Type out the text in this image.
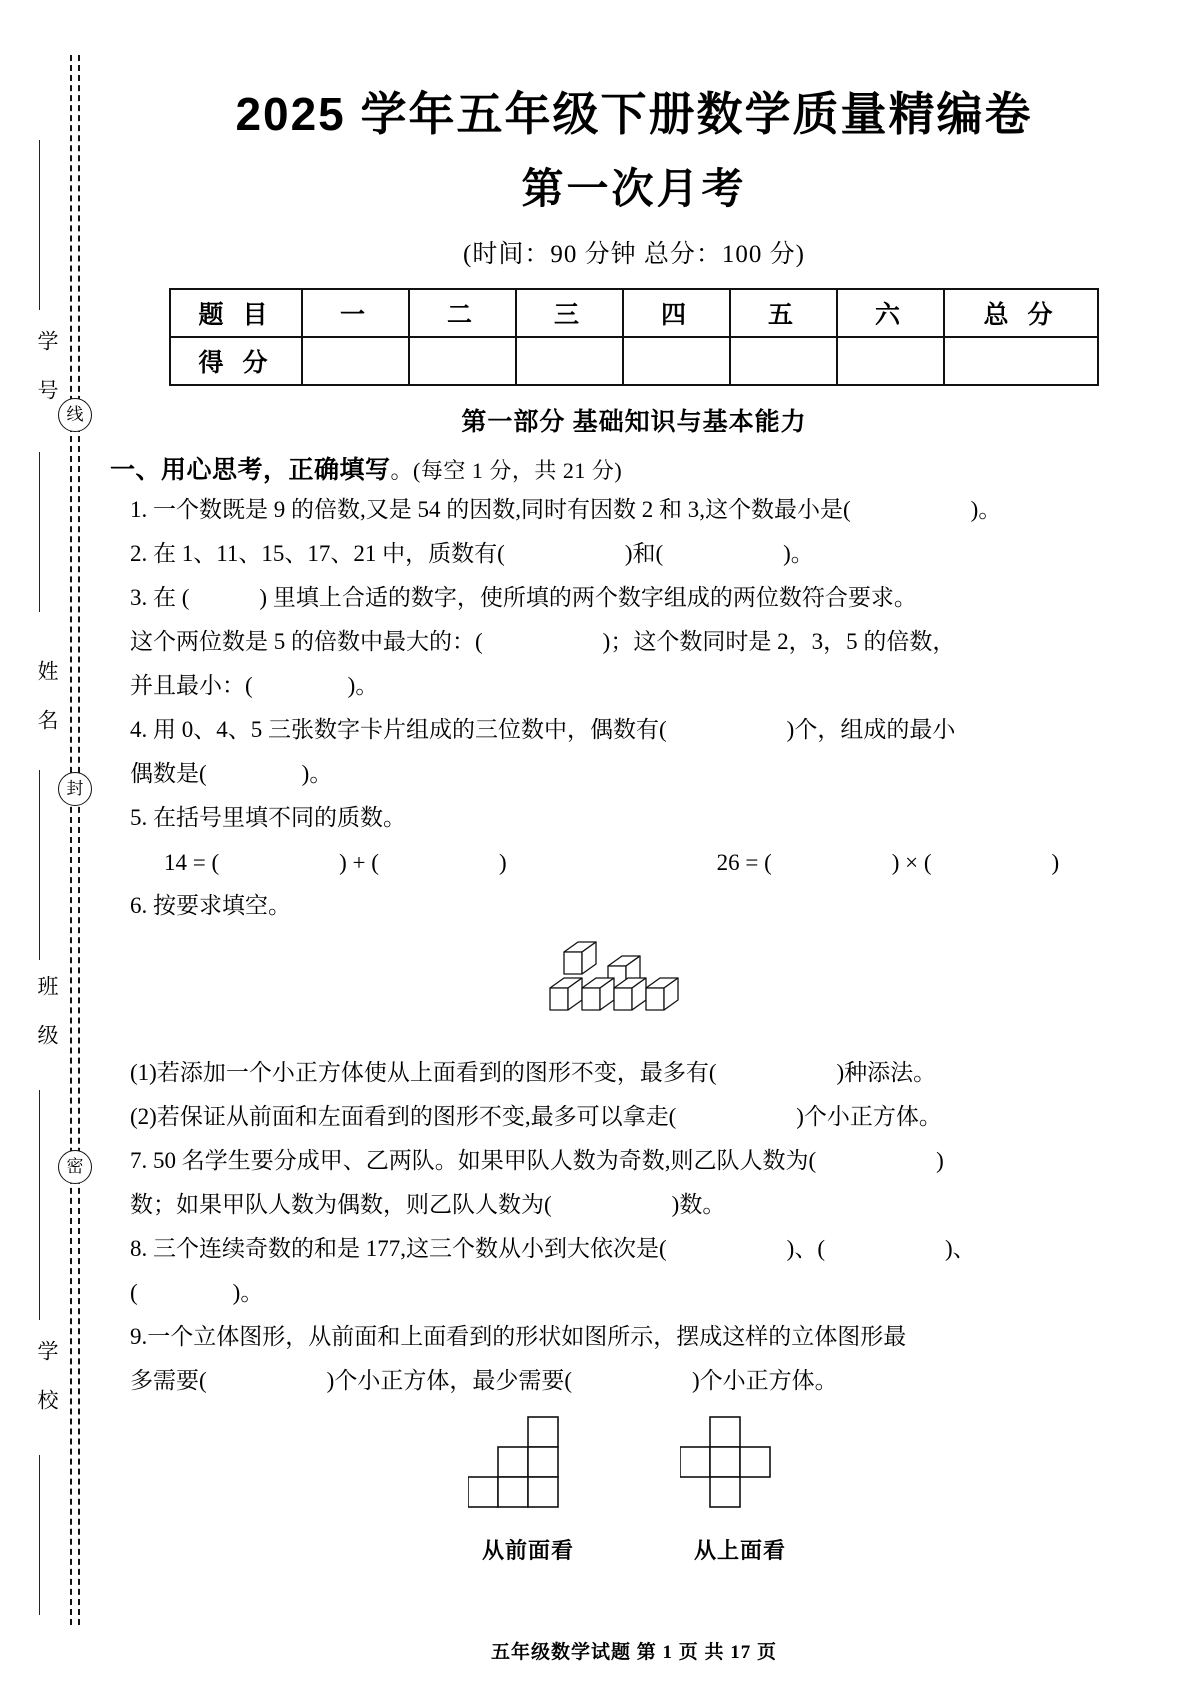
学 号
姓 名
班 级
学 校
线
封
密
2025 学年五年级下册数学质量精编卷
第一次月考
(时间：90 分钟 总分：100 分)
题 目	一	二	三	四	五	六	总 分
得 分							
第一部分 基础知识与基本能力
一、用心思考，正确填写。(每空 1 分，共 21 分)
1. 一个数既是 9 的倍数,又是 54 的因数,同时有因数 2 和 3,这个数最小是(	)。
2. 在 1、11、15、17、21 中，质数有(	)和(	)。
3. 在 (	) 里填上合适的数字，使所填的两个数字组成的两位数符合要求。
这个两位数是 5 的倍数中最大的：(	)；这个数同时是 2，3，5 的倍数，
并且最小：(	)。
4. 用 0、4、5 三张数字卡片组成的三位数中，偶数有(	)个，组成的最小
偶数是(	)。
5. 在括号里填不同的质数。
14 = (	) + (	)	26 = (	) × (	)
6. 按要求填空。
(1)若添加一个小正方体使从上面看到的图形不变，最多有(	)种添法。
(2)若保证从前面和左面看到的图形不变,最多可以拿走(	)个小正方体。
7. 50 名学生要分成甲、乙两队。如果甲队人数为奇数,则乙队人数为(	)
数；如果甲队人数为偶数，则乙队人数为(	)数。
8. 三个连续奇数的和是 177,这三个数从小到大依次是(	)、(	)、
(	)。
9.一个立体图形，从前面和上面看到的形状如图所示，摆成这样的立体图形最
多需要(	)个小正方体，最少需要(	)个小正方体。
从前面看	从上面看
五年级数学试题 第 1 页 共 17 页
